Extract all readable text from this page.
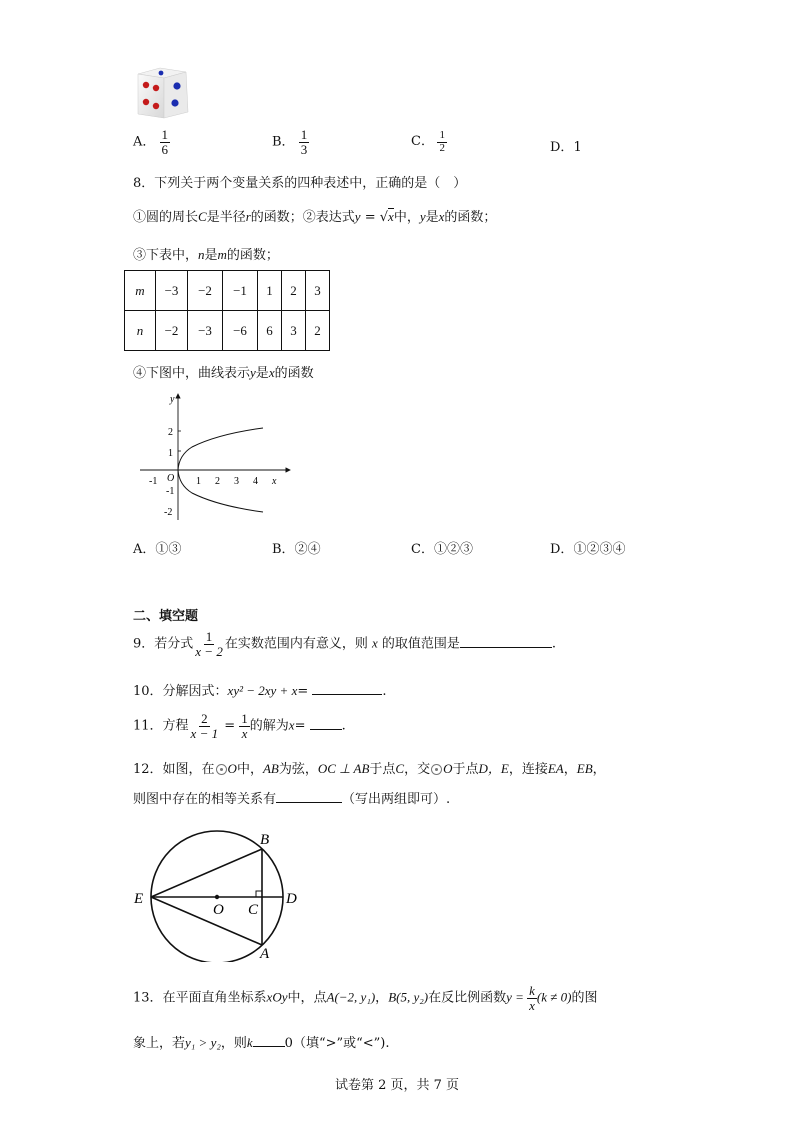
A． $\frac{1}{6}$	B． $\frac{1}{3}$	C． $\frac{1}{2}$	D．1
8．下列关于两个变量关系的四种表述中，正确的是（　）
①圆的周长C是半径r的函数；②表达式y = √x中，y是x的函数；
③下表中，n是m的函数；
m	−3	−2	−1	1	2	3
n	−2	−3	−6	6	3	2
④下图中，曲线表示y是x的函数
y
x
O
-1	1 2 3 4
2
1
-1
-2
A．①③	B．②④	C．①②③	D．①②③④
二、填空题
9．若分式 $\frac{1}{x - 2}$ 在实数范围内有意义，则 x 的取值范围是	.
10．分解因式：xy² − 2xy + x=	.
11．方程 $\frac{2}{x - 1} = \frac{1}{x}$ 的解为x= .
12．如图，在 O中，AB为弦，OC ⊥ AB于点C，交 O于点D，E，连接EA，EB，
则图中存在的相等关系有	（写出两组即可）.
E
O C
D
B
A
13．在平面直角坐标系xOy中，点A(−2, y₁)，B(5, y₂)在反比例函数$y = \frac{k}{x} (k \ne 0)$的图
象上，若y₁ > y₂，则k 0（填“>”或“<”).
试卷第 2 页，共 7 页
